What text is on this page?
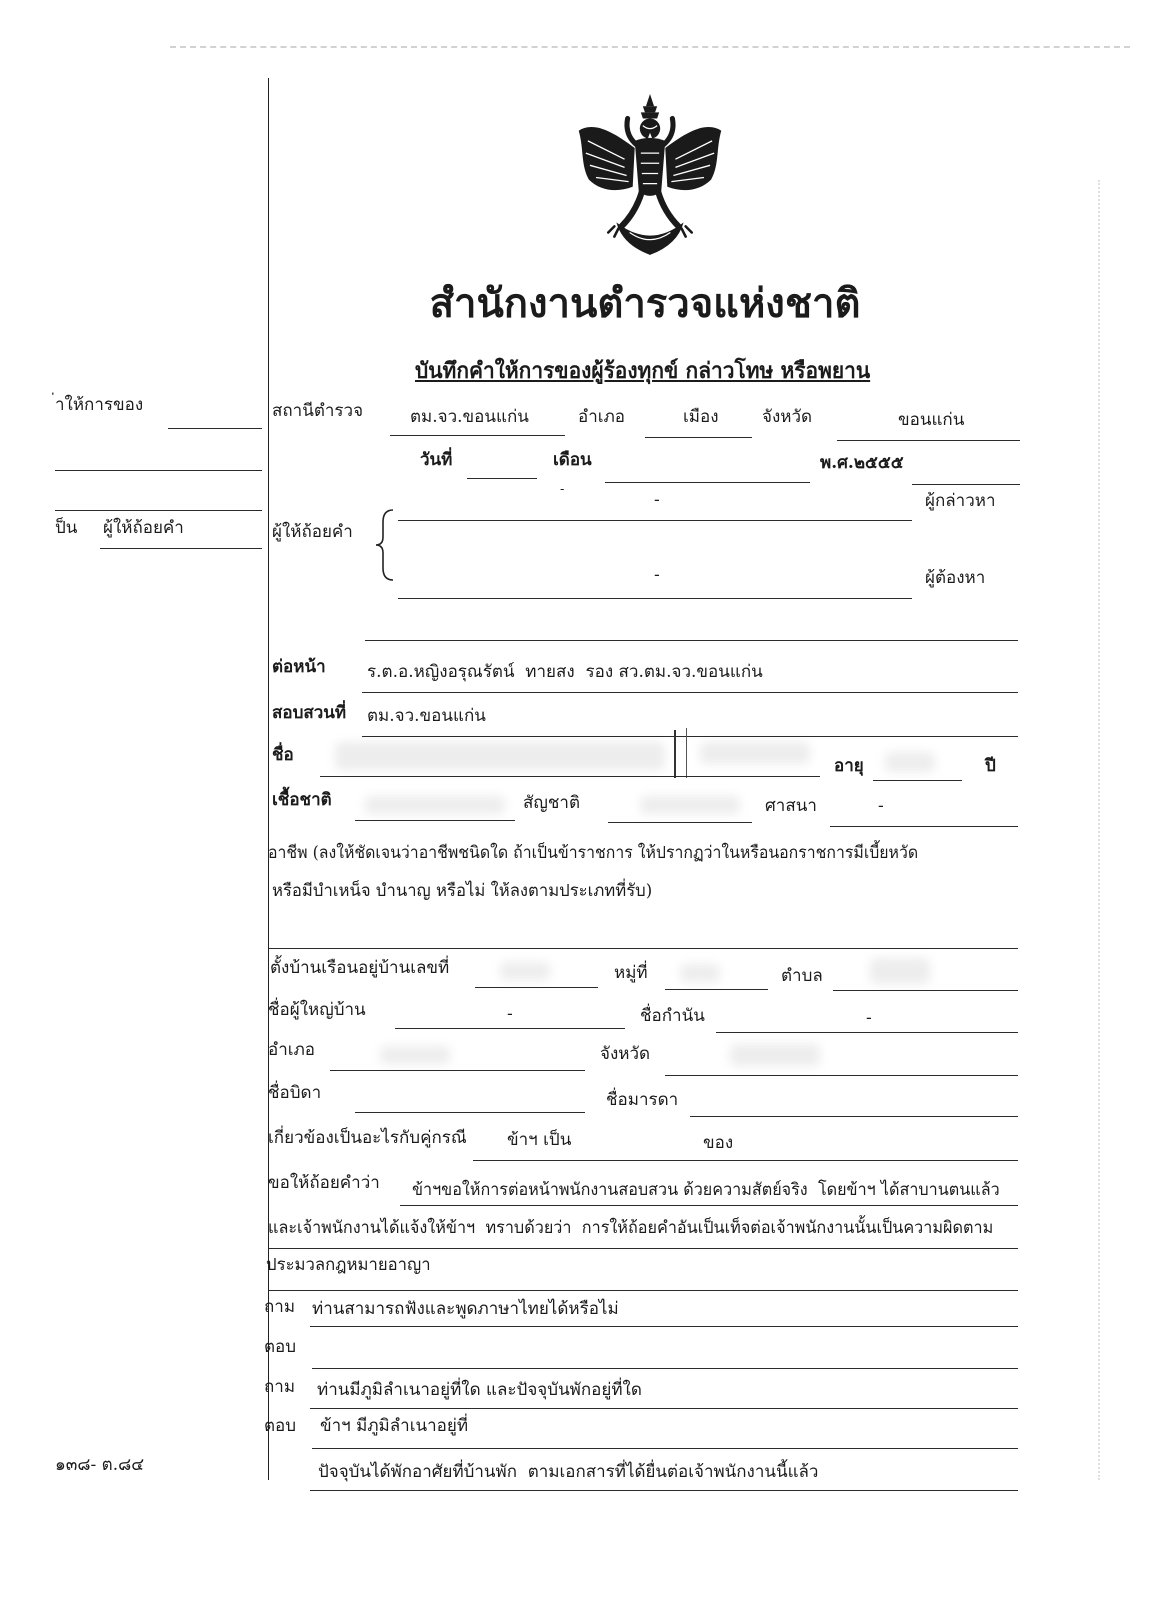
สำนักงานตำรวจแห่งชาติ
บันทึกคำให้การของผู้ร้องทุกข์ กล่าวโทษ หรือพยาน
่าให้การของ
ป็น	ผู้ให้ถ้อยคำ
๑๓๘- ต.๘๔
สถานีตำรวจ	ตม.จว.ขอนแก่น	อำเภอ	เมือง	จังหวัด	ขอนแก่น
วันที่	เดือน	พ.ศ.๒๕๕๕
-
-	ผู้กล่าวหา
ผู้ให้ถ้อยคำ
-	ผู้ต้องหา
ต่อหน้า	ร.ต.อ.หญิงอรุณรัตน์  ทายสง  รอง สว.ตม.จว.ขอนแก่น
สอบสวนที่	ตม.จว.ขอนแก่น
ชื่อ
อายุ	ปี
เชื้อชาติ	สัญชาติ	ศาสนา	-
อาชีพ (ลงให้ชัดเจนว่าอาชีพชนิดใด ถ้าเป็นข้าราชการ ให้ปรากฏว่าในหรือนอกราชการมีเบี้ยหวัด
หรือมีบำเหน็จ บำนาญ หรือไม่ ให้ลงตามประเภทที่รับ)
ตั้งบ้านเรือนอยู่บ้านเลขที่	หมู่ที่	ตำบล
ชื่อผู้ใหญ่บ้าน	-	ชื่อกำนัน	-
อำเภอ	จังหวัด
ชื่อบิดา	ชื่อมารดา
เกี่ยวข้องเป็นอะไรกับคู่กรณี ข้าฯ เป็น	ของ
ขอให้ถ้อยคำว่า	ข้าฯขอให้การต่อหน้าพนักงานสอบสวน ด้วยความสัตย์จริง  โดยข้าฯ ได้สาบานตนแล้ว
และเจ้าพนักงานได้แจ้งให้ข้าฯ  ทราบด้วยว่า  การให้ถ้อยคำอันเป็นเท็จต่อเจ้าพนักงานนั้นเป็นความผิดตาม
ประมวลกฎหมายอาญา
ถาม ท่านสามารถฟังและพูดภาษาไทยได้หรือไม่
ตอบ
ถาม	ท่านมีภูมิลำเนาอยู่ที่ใด และปัจจุบันพักอยู่ที่ใด
ตอบ	ข้าฯ มีภูมิลำเนาอยู่ที่
ปัจจุบันได้พักอาศัยที่บ้านพัก  ตามเอกสารที่ได้ยื่นต่อเจ้าพนักงานนี้แล้ว
